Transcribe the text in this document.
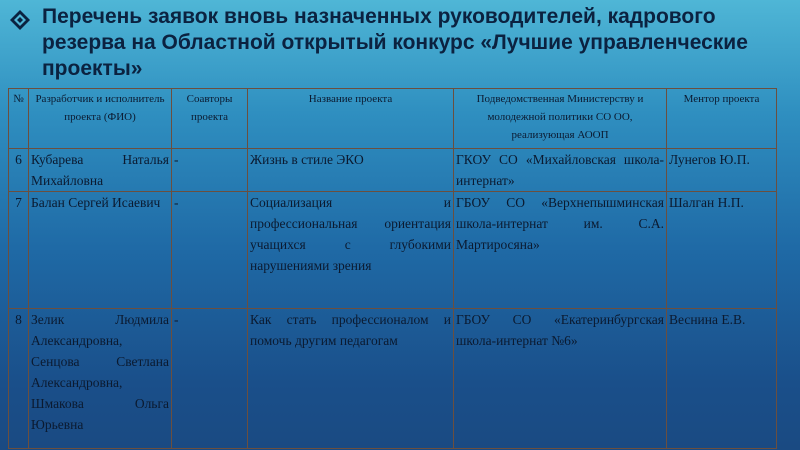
Перечень заявок вновь назначенных руководителей, кадрового резерва на Областной открытый конкурс «Лучшие управленческие проекты»
№	Разработчик и исполнитель проекта (ФИО)	Соавторы проекта	Название проекта	Подведомственная Министерству и молодежной политики СО ОО, реализующая АООП	Ментор проекта
6	Кубарева Наталья Михайловна	-	Жизнь в стиле ЭКО	ГКОУ СО «Михайловская школа-интернат»	Лунегов Ю.П.
7	Балан Сергей Исаевич	-	Социализация и профессиональная ориентация учащихся с глубокими нарушениями зрения	ГБОУ СО «Верхнепышминская школа-интернат им. С.А. Мартиросяна»	Шалган Н.П.
8	Зелик Людмила Александровна, Сенцова Светлана Александровна, Шмакова Ольга Юрьевна	-	Как стать профессионалом и помочь другим педагогам	ГБОУ СО «Екатеринбургская школа-интернат №6»	Веснина Е.В.
